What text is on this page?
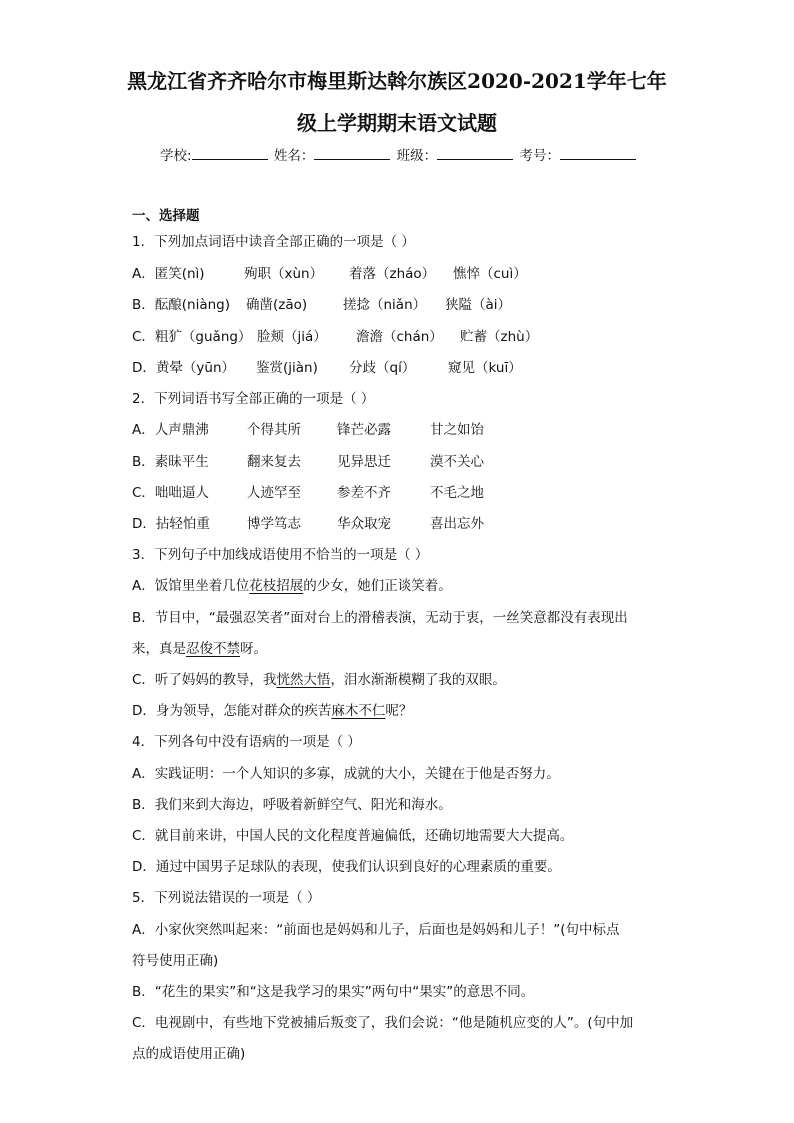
黑龙江省齐齐哈尔市梅里斯达斡尔族区2020-2021学年七年
级上学期期末语文试题
学校:	姓名：	班级：	考号：
一、选择题
1．下列加点词语中读音全部正确的一项是（ ）
A．匿笑(nì)	殉职（xùn） 着落（zháo） 憔悴（cuì）
B．酝酿(niàng) 确凿(zāo)	搓捻（niǎn） 狭隘（ài）
C．粗犷（guǎng） 脸颊（jiá） 澹澹（chán） 贮蓄（zhù）
D．黄晕（yūn） 鉴赏(jiàn) 分歧（qí） 窥见（kuī）
2．下列词语书写全部正确的一项是（ ）
A．人声鼎沸	个得其所	锋芒必露	甘之如饴
B．素昧平生	翻来复去	见异思迁	漠不关心
C．咄咄逼人	人迹罕至	参差不齐	不毛之地
D．拈轻怕重	博学笃志	华众取宠	喜出忘外
3．下列句子中加线成语使用不恰当的一项是（ ）
A．饭馆里坐着几位花枝招展的少女，她们正谈笑着。
B．节目中，“最强忍笑者”面对台上的滑稽表演，无动于衷，一丝笑意都没有表现出
来，真是忍俊不禁呀。
C．听了妈妈的教导，我恍然大悟，泪水渐渐模糊了我的双眼。
D．身为领导，怎能对群众的疾苦麻木不仁呢？
4．下列各句中没有语病的一项是（ ）
A．实践证明：一个人知识的多寡，成就的大小，关键在于他是否努力。
B．我们来到大海边，呼吸着新鲜空气、阳光和海水。
C．就目前来讲，中国人民的文化程度普遍偏低，还确切地需要大大提高。
D．通过中国男子足球队的表现，使我们认识到良好的心理素质的重要。
5．下列说法错误的一项是（ ）
A．小家伙突然叫起来：“前面也是妈妈和儿子，后面也是妈妈和儿子！”(句中标点
符号使用正确)
B．“花生的果实”和“这是我学习的果实”两句中“果实”的意思不同。
C．电视剧中，有些地下党被捕后叛变了，我们会说：“他是随机应变的人”。(句中加
点的成语使用正确)
